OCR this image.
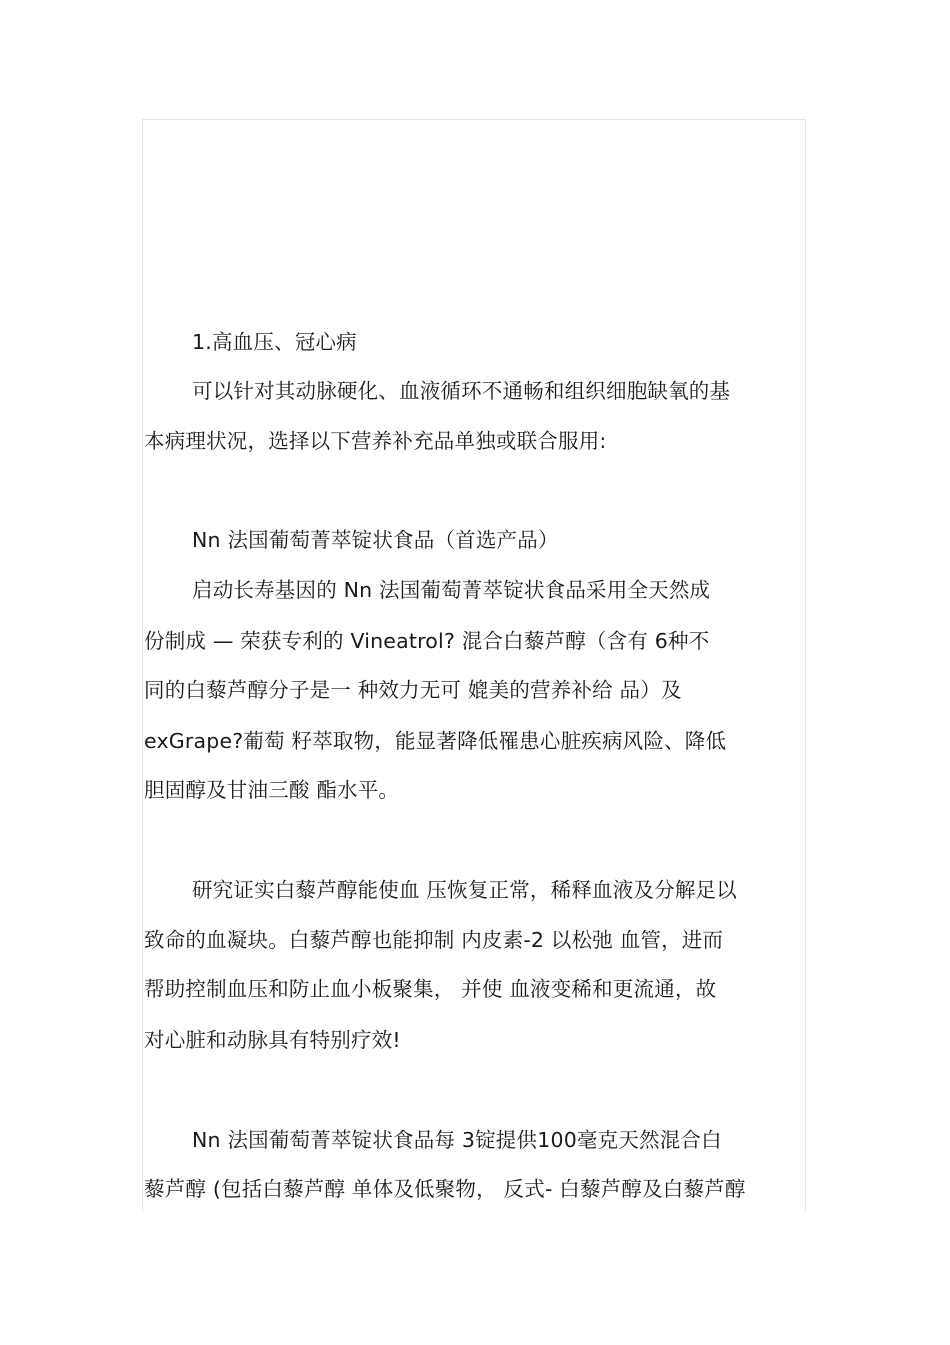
1.高血压、冠心病
可以针对其动脉硬化、血液循环不通畅和组织细胞缺氧的基
本病理状况，选择以下营养补充品单独或联合服用:
Nn 法国葡萄菁萃锭状食品（首选产品）
启动长寿基因的 Nn 法国葡萄菁萃锭状食品采用全天然成
份制成 — 荣获专利的 Vineatrol? 混合白藜芦醇（含有 6种不
同的白藜芦醇分子是一 种效力无可 媲美的营养补给 品）及
exGrape?葡萄 籽萃取物，能显著降低罹患心脏疾病风险、降低
胆固醇及甘油三酸 酯水平。
研究证实白藜芦醇能使血 压恢复正常，稀释血液及分解足以
致命的血凝块。白藜芦醇也能抑制 内皮素-2 以松弛 血管，进而
帮助控制血压和防止血小板聚集， 并使 血液变稀和更流通，故
对心脏和动脉具有特别疗效!
Nn 法国葡萄菁萃锭状食品每 3锭提供100毫克天然混合白
藜芦醇 (包括白藜芦醇 单体及低聚物， 反式- 白藜芦醇及白藜芦醇
